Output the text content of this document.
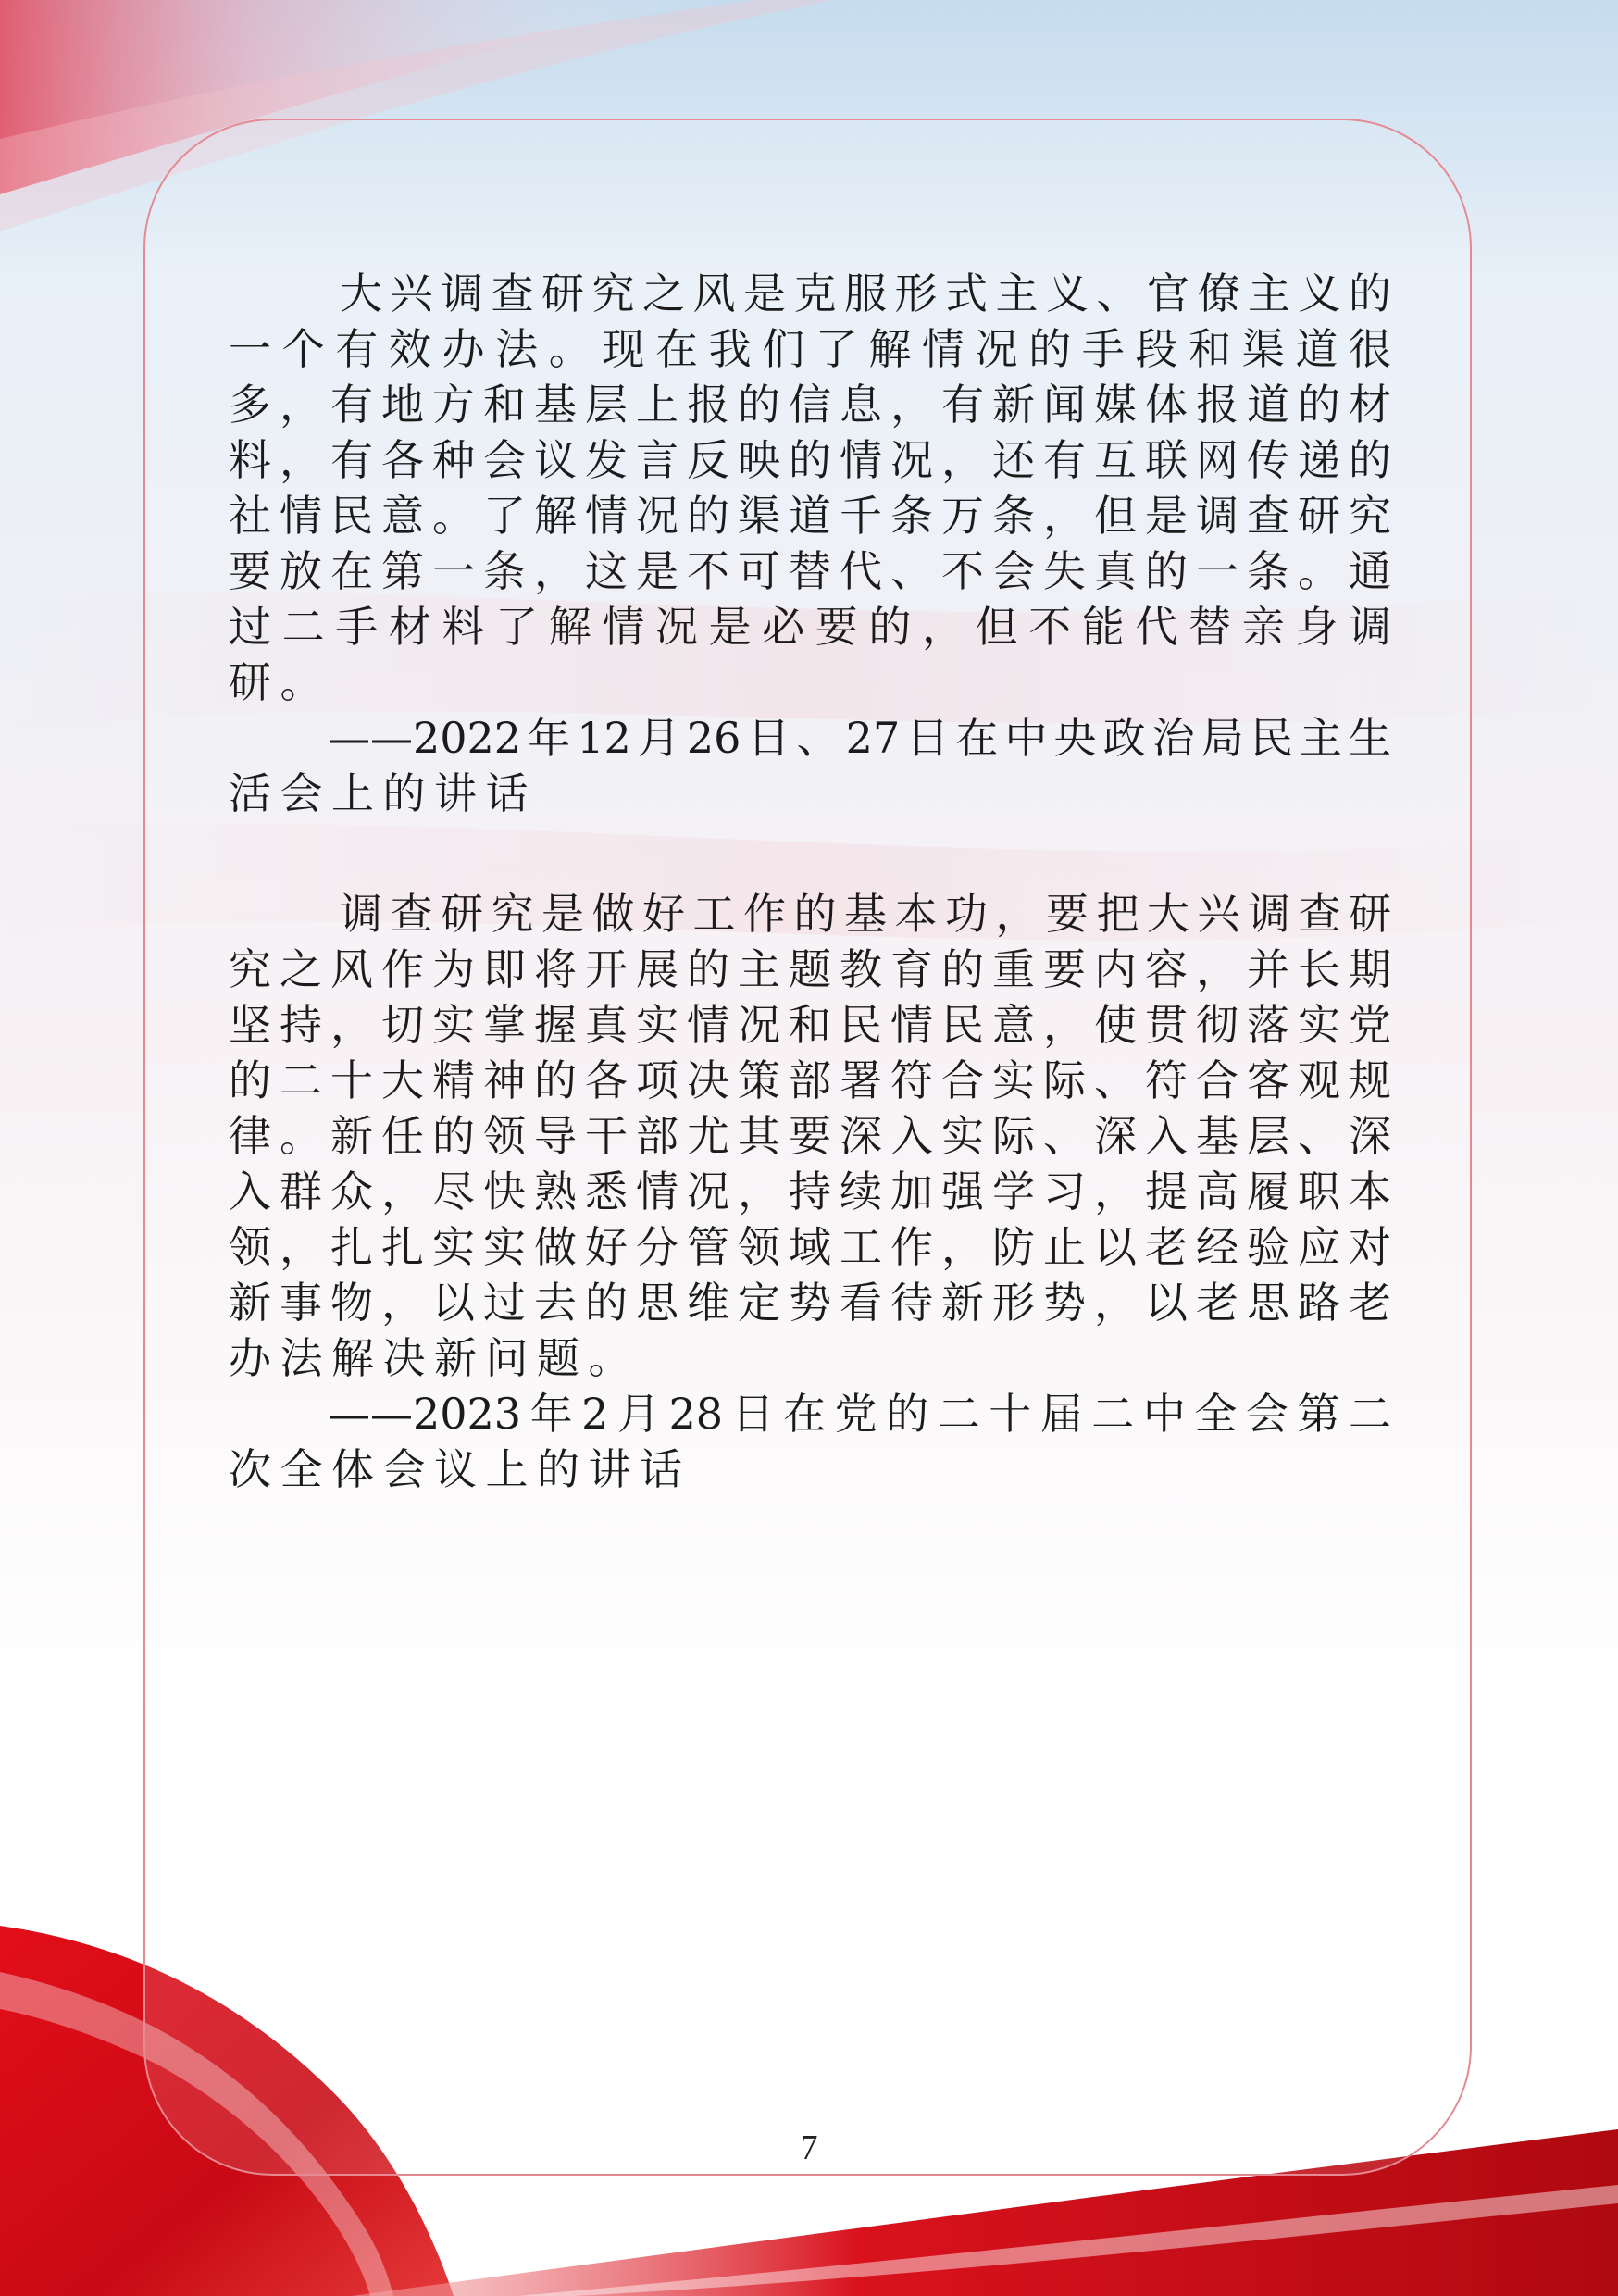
大兴调查研究之风是克服形式主义、官僚主义的
一个有效办法。现在我们了解情况的手段和渠道很
多，有地方和基层上报的信息，有新闻媒体报道的材
料，有各种会议发言反映的情况，还有互联网传递的
社情民意。了解情况的渠道千条万条，但是调查研究
要放在第一条，这是不可替代、不会失真的一条。通
过二手材料了解情况是必要的，但不能代替亲身调
研。
——2022年12月26日、27日在中央政治局民主生
活会上的讲话
调查研究是做好工作的基本功，要把大兴调查研
究之风作为即将开展的主题教育的重要内容，并长期
坚持，切实掌握真实情况和民情民意，使贯彻落实党
的二十大精神的各项决策部署符合实际、符合客观规
律。新任的领导干部尤其要深入实际、深入基层、深
入群众，尽快熟悉情况，持续加强学习，提高履职本
领，扎扎实实做好分管领域工作，防止以老经验应对
新事物，以过去的思维定势看待新形势，以老思路老
办法解决新问题。
——2023年2月28日在党的二十届二中全会第二
次全体会议上的讲话
7
